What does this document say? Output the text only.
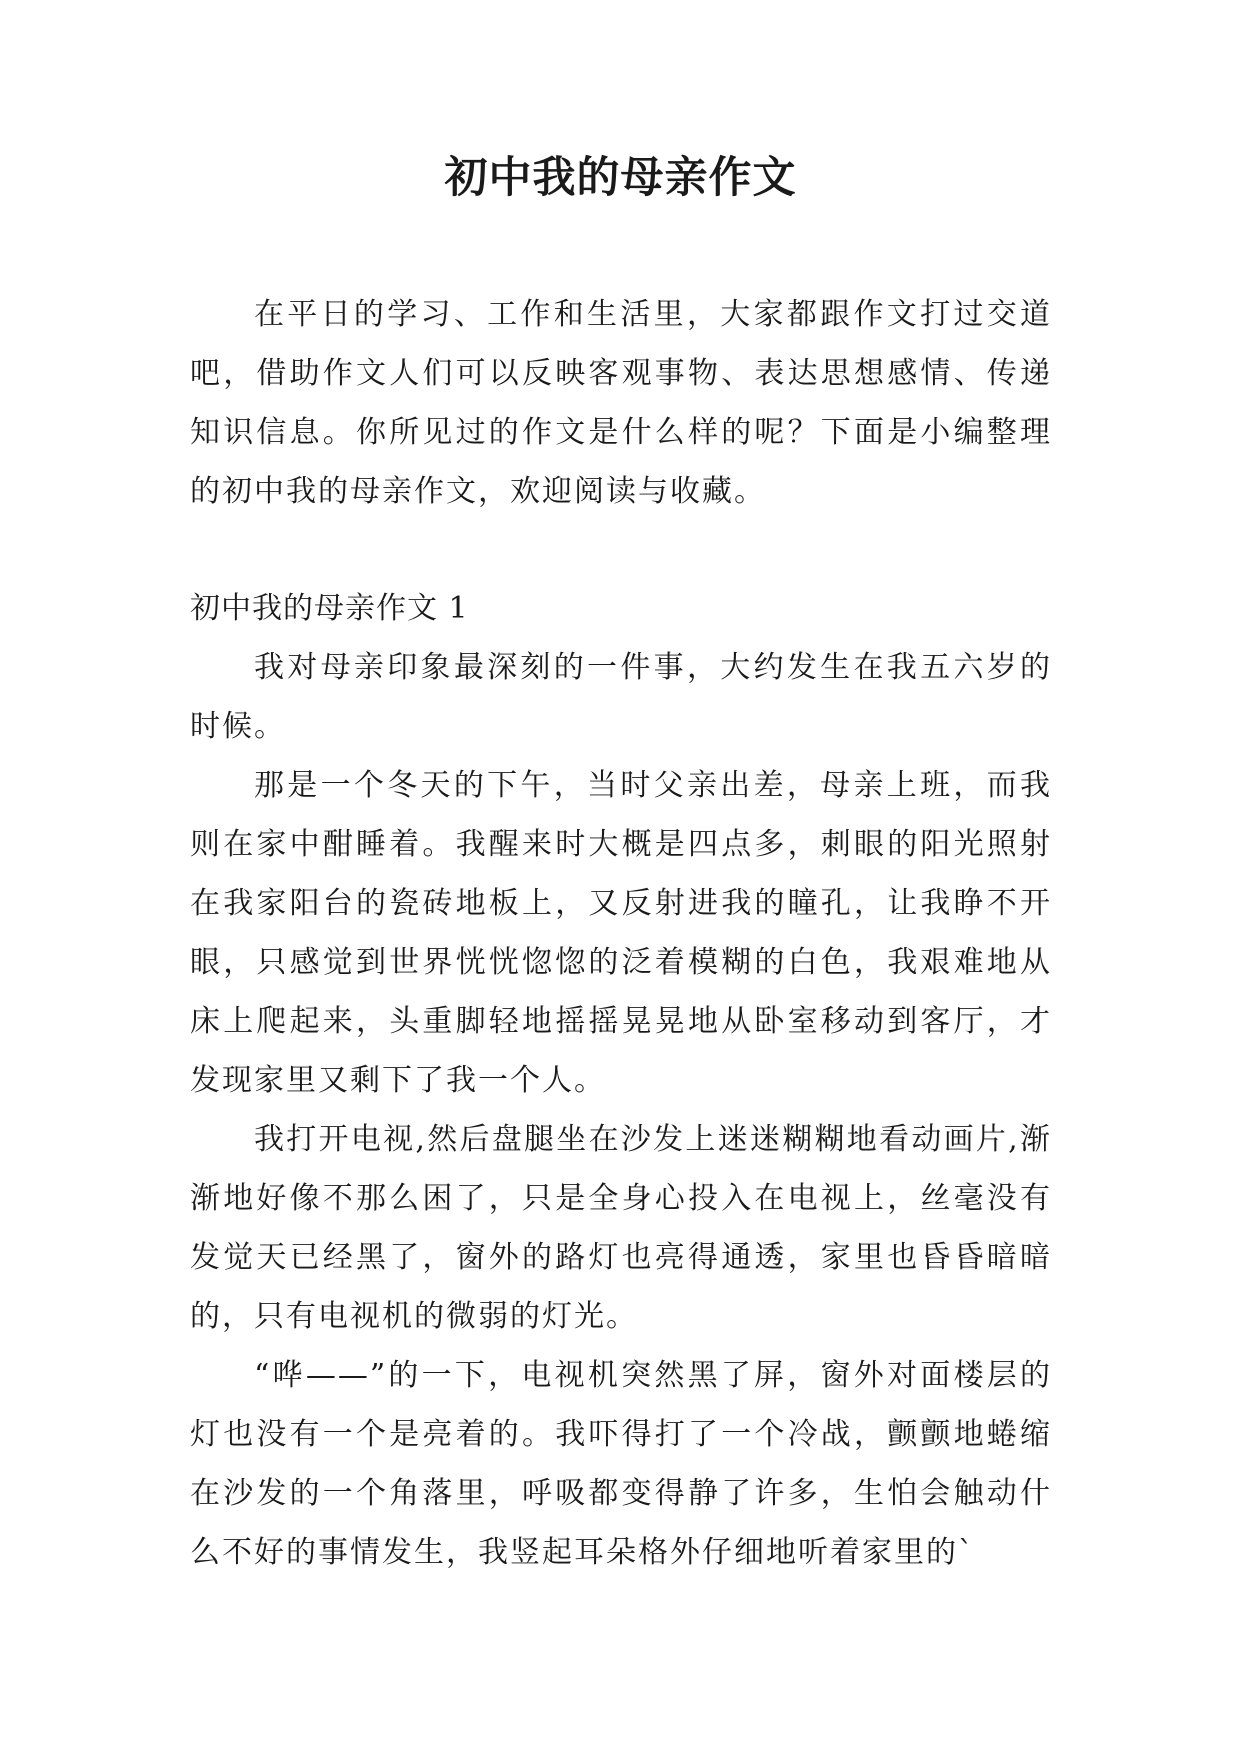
初中我的母亲作文

在平日的学习、工作和生活里，大家都跟作文打过交道吧，借助作文人们可以反映客观事物、表达思想感情、传递知识信息。你所见过的作文是什么样的呢？下面是小编整理的初中我的母亲作文，欢迎阅读与收藏。

初中我的母亲作文 1

我对母亲印象最深刻的一件事，大约发生在我五六岁的时候。

那是一个冬天的下午，当时父亲出差，母亲上班，而我则在家中酣睡着。我醒来时大概是四点多，刺眼的阳光照射在我家阳台的瓷砖地板上，又反射进我的瞳孔，让我睁不开眼，只感觉到世界恍恍惚惚的泛着模糊的白色，我艰难地从床上爬起来，头重脚轻地摇摇晃晃地从卧室移动到客厅，才发现家里又剩下了我一个人。

我打开电视,然后盘腿坐在沙发上迷迷糊糊地看动画片,渐渐地好像不那么困了，只是全身心投入在电视上，丝毫没有发觉天已经黑了，窗外的路灯也亮得通透，家里也昏昏暗暗的，只有电视机的微弱的灯光。

“哗——”的一下，电视机突然黑了屏，窗外对面楼层的灯也没有一个是亮着的。我吓得打了一个冷战，颤颤地蜷缩在沙发的一个角落里，呼吸都变得静了许多，生怕会触动什么不好的事情发生，我竖起耳朵格外仔细地听着家里的`
